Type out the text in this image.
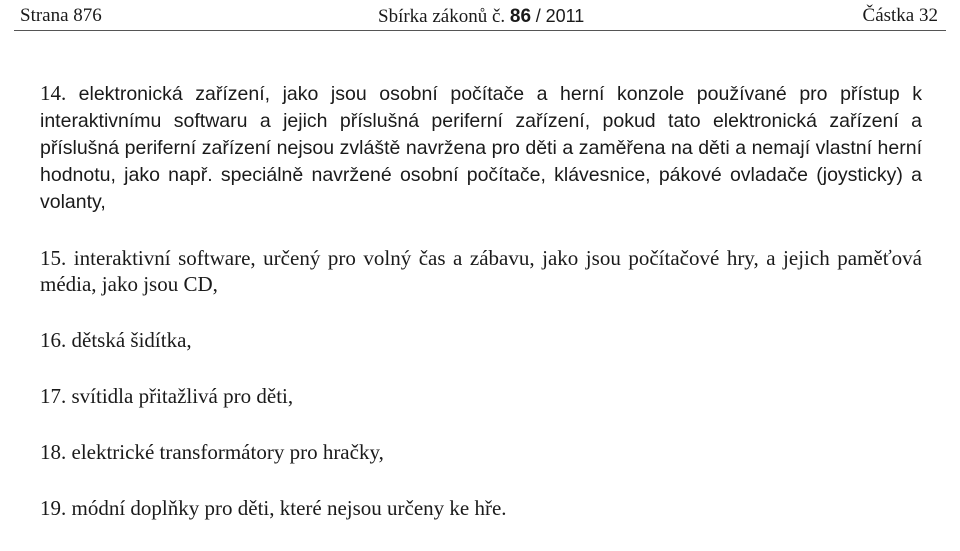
Strana 876	Sbírka zákonů č. 86 / 2011	Částka 32

14. elektronická zařízení, jako jsou osobní počítače a herní konzole používané pro přístup k interaktivnímu softwaru a jejich příslušná periferní zařízení, pokud tato elektronická zařízení a příslušná periferní zařízení nejsou zvláště navržena pro děti a zaměřena na děti a nemají vlastní herní hodnotu, jako např. speciálně navržené osobní počítače, klávesnice, pákové ovladače (joysticky) a volanty,

15. interaktivní software, určený pro volný čas a zábavu, jako jsou počítačové hry, a jejich paměťová média, jako jsou CD,

16. dětská šidítka,

17. svítidla přitažlivá pro děti,

18. elektrické transformátory pro hračky,

19. módní doplňky pro děti, které nejsou určeny ke hře.
